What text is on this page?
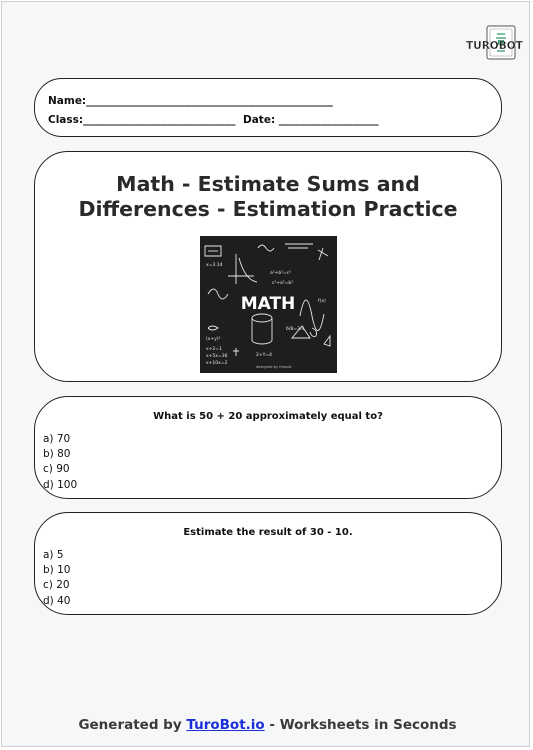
TUROBOT
Name:_______________________________________________
Class:_____________________________ Date: ___________________
Math - Estimate Sums and
Differences - Estimation Practice
x=3.14
a²+b²=c²
c²+a²=b²
(x+y)²
x+2=1
x+5x=36
x+10x=2
2+Y=4
6/8=3/4
f(x)
MATH
designed by freepik
What is 50 + 20 approximately equal to?
a) 70
b) 80
c) 90
d) 100
Estimate the result of 30 - 10.
a) 5
b) 10
c) 20
d) 40
Generated by TuroBot.io - Worksheets in Seconds
